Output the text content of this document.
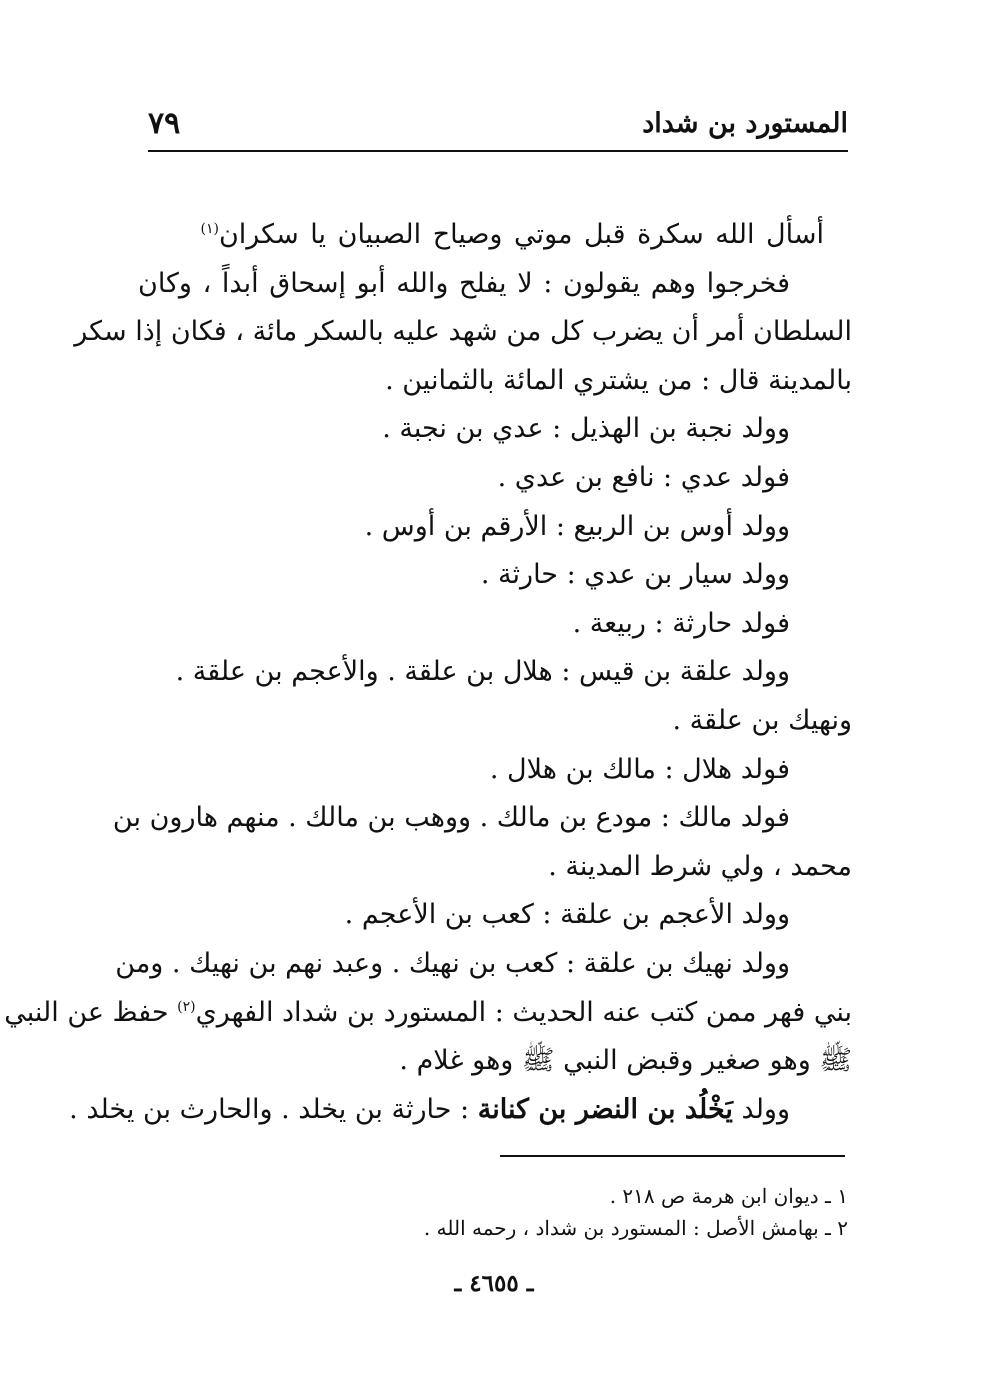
المستورد بن شداد
٧٩
أسأل الله سكرة قبل موتي وصياح الصبيان يا سكران$^{(١)}$
فخرجوا وهم يقولون : لا يفلح والله أبو إسحاق أبداً ، وكان
السلطان أمر أن يضرب كل من شهد عليه بالسكر مائة ، فكان إذا سكر
بالمدينة قال : من يشتري المائة بالثمانين .
وولد نجبة بن الهذيل : عدي بن نجبة .
فولد عدي : نافع بن عدي .
وولد أوس بن الربيع : الأرقم بن أوس .
وولد سيار بن عدي : حارثة .
فولد حارثة : ربيعة .
وولد علقة بن قيس : هلال بن علقة . والأعجم بن علقة .
ونهيك بن علقة .
فولد هلال : مالك بن هلال .
فولد مالك : مودع بن مالك . ووهب بن مالك . منهم هارون بن
محمد ، ولي شرط المدينة .
وولد الأعجم بن علقة : كعب بن الأعجم .
وولد نهيك بن علقة : كعب بن نهيك . وعبد نهم بن نهيك . ومن
بني فهر ممن كتب عنه الحديث : المستورد بن شداد الفهري$^{(٢)}$ حفظ عن النبي
ﷺ وهو صغير وقبض النبي ﷺ وهو غلام .
وولد يَخْلُد بن النضر بن كنانة : حارثة بن يخلد . والحارث بن يخلد .
١ ـ ديوان ابن هرمة ص ٢١٨ .
٢ ـ بهامش الأصل : المستورد بن شداد ، رحمه الله .
ـ ٤٦٥٥ ـ
